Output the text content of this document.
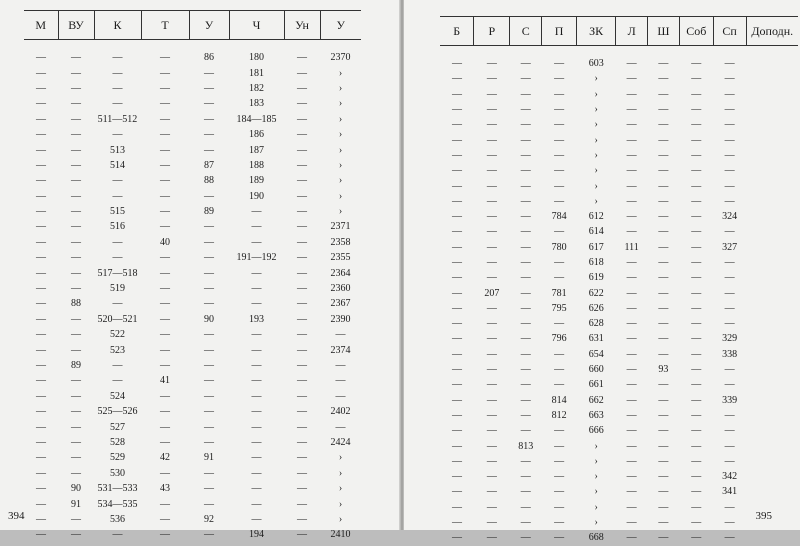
М	ВУ	К	Т	У	Ч	Ун	У

—	—	—	—	86	180	—	2370
—	—	—	—	—	181	—	›
—	—	—	—	—	182	—	›
—	—	—	—	—	183	—	›
—	—	511—512	—	—	184—185	—	›
—	—	—	—	—	186	—	›
—	—	513	—	—	187	—	›
—	—	514	—	87	188	—	›
—	—	—	—	88	189	—	›
—	—	—	—	—	190	—	›
—	—	515	—	89	—	—	›
—	—	516	—	—	—	—	2371
—	—	—	40	—	—	—	2358
—	—	—	—	—	191—192	—	2355
—	—	517—518	—	—	—	—	2364
—	—	519	—	—	—	—	2360
—	88	—	—	—	—	—	2367
—	—	520—521	—	90	193	—	2390
—	—	522	—	—	—	—	—
—	—	523	—	—	—	—	2374
—	89	—	—	—	—	—	—
—	—	—	41	—	—	—	—
—	—	524	—	—	—	—	—
—	—	525—526	—	—	—	—	2402
—	—	527	—	—	—	—	—
—	—	528	—	—	—	—	2424
—	—	529	42	91	—	—	›
—	—	530	—	—	—	—	›
—	90	531—533	43	—	—	—	›
—	91	534—535	—	—	—	—	›
—	—	536	—	92	—	—	›
—	—	—	—	—	194	—	2410
394
Б	Р	С	П	ЗК	Л	Ш	Соб	Сп	Доподн.

—	—	—	—	603	—	—	—	—	
—	—	—	—	›	—	—	—	—	
—	—	—	—	›	—	—	—	—	
—	—	—	—	›	—	—	—	—	
—	—	—	—	›	—	—	—	—	
—	—	—	—	›	—	—	—	—	
—	—	—	—	›	—	—	—	—	
—	—	—	—	›	—	—	—	—	
—	—	—	—	›	—	—	—	—	
—	—	—	—	›	—	—	—	—	
—	—	—	784	612	—	—	—	324	
—	—	—	—	614	—	—	—	—	
—	—	—	780	617	111	—	—	327	
—	—	—	—	618	—	—	—	—	
—	—	—	—	619	—	—	—	—	
—	207	—	781	622	—	—	—	—	
—	—	—	795	626	—	—	—	—	
—	—	—	—	628	—	—	—	—	
—	—	—	796	631	—	—	—	329	
—	—	—	—	654	—	—	—	338	
—	—	—	—	660	—	93	—	—	
—	—	—	—	661	—	—	—	—	
—	—	—	814	662	—	—	—	339	
—	—	—	812	663	—	—	—	—	
—	—	—	—	666	—	—	—	—	
—	—	813	—	›	—	—	—	—	
—	—	—	—	›	—	—	—	—	
—	—	—	—	›	—	—	—	342	
—	—	—	—	›	—	—	—	341	
—	—	—	—	›	—	—	—	—	
—	—	—	—	›	—	—	—	—	
—	—	—	—	668	—	—	—	—	
395
